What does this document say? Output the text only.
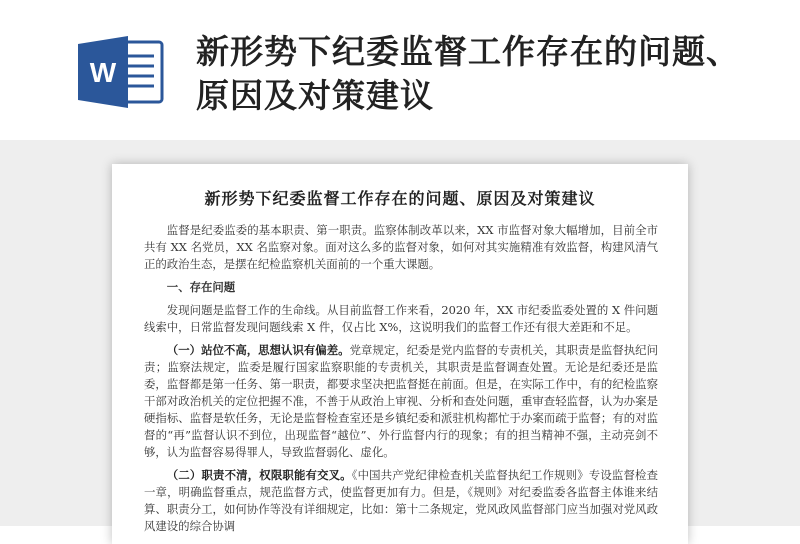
W
新形势下纪委监督工作存在的问题、原因及对策建议
新形势下纪委监督工作存在的问题、原因及对策建议

监督是纪委监委的基本职责、第一职责。监察体制改革以来，XX 市监督对象大幅增加，目前全市共有 XX 名党员，XX 名监察对象。面对这么多的监督对象，如何对其实施精准有效监督，构建风清气正的政治生态，是摆在纪检监察机关面前的一个重大课题。

一、存在问题

发现问题是监督工作的生命线。从目前监督工作来看，2020 年，XX 市纪委监委处置的 X 件问题线索中，日常监督发现问题线索 X 件，仅占比 X%，这说明我们的监督工作还有很大差距和不足。

（一）站位不高，思想认识有偏差。党章规定，纪委是党内监督的专责机关，其职责是监督执纪问责；监察法规定，监委是履行国家监察职能的专责机关，其职责是监督调查处置。无论是纪委还是监委，监督都是第一任务、第一职责，都要求坚决把监督挺在前面。但是，在实际工作中，有的纪检监察干部对政治机关的定位把握不准，不善于从政治上审视、分析和查处问题，重审查轻监督，认为办案是硬指标、监督是软任务，无论是监督检查室还是乡镇纪委和派驻机构都忙于办案而疏于监督；有的对监督的“再”监督认识不到位，出现监督“越位”、外行监督内行的现象；有的担当精神不强，主动亮剑不够，认为监督容易得罪人，导致监督弱化、虚化。

（二）职责不清，权限职能有交叉。《中国共产党纪律检查机关监督执纪工作规则》专设监督检查一章，明确监督重点，规范监督方式，使监督更加有力。但是，《规则》对纪委监委各监督主体谁来结算、职责分工，如何协作等没有详细规定，比如：第十二条规定，党风政风监督部门应当加强对党风政风建设的综合协调
